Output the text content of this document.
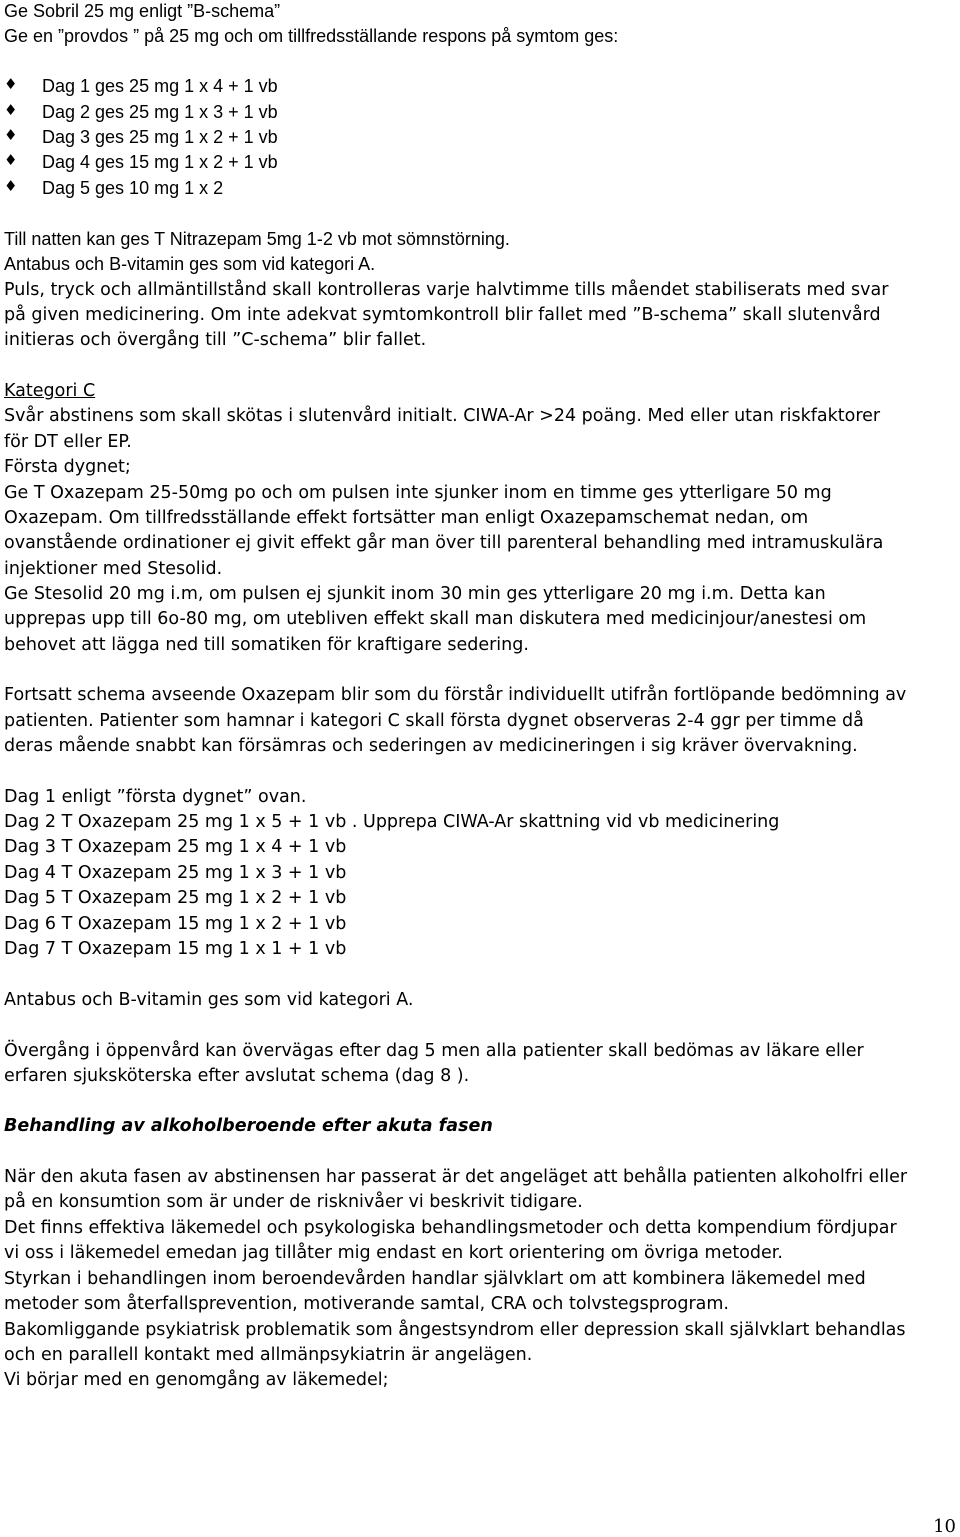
Ge Sobril 25 mg enligt ”B-schema”
Ge en ”provdos ” på 25 mg och om tillfredsställande respons på symtom ges:
♦	Dag 1 ges 25 mg 1 x 4 + 1 vb
♦	Dag 2 ges 25 mg 1 x 3 + 1 vb
♦	Dag 3 ges 25 mg 1 x 2 + 1 vb
♦	Dag 4 ges 15 mg 1 x 2 + 1 vb
♦	Dag 5 ges 10 mg 1 x 2
Till natten kan ges T Nitrazepam 5mg 1-2 vb mot sömnstörning.
Antabus och B-vitamin ges som vid kategori A.
Puls, tryck och allmäntillstånd skall kontrolleras varje halvtimme tills måendet stabiliserats med svar
på given medicinering. Om inte adekvat symtomkontroll blir fallet med ”B-schema” skall slutenvård
initieras och övergång till ”C-schema” blir fallet.
Kategori C
Svår abstinens som skall skötas i slutenvård initialt. CIWA-Ar >24 poäng. Med eller utan riskfaktorer
för DT eller EP.
Första dygnet;
Ge T Oxazepam 25-50mg po och om pulsen inte sjunker inom en timme ges ytterligare 50 mg
Oxazepam. Om tillfredsställande effekt fortsätter man enligt Oxazepamschemat nedan, om
ovanstående ordinationer ej givit effekt går man över till parenteral behandling med intramuskulära
injektioner med Stesolid.
Ge Stesolid 20 mg i.m, om pulsen ej sjunkit inom 30 min ges ytterligare 20 mg i.m. Detta kan
upprepas upp till 6o-80 mg, om utebliven effekt skall man diskutera med medicinjour/anestesi om
behovet att lägga ned till somatiken för kraftigare sedering.
Fortsatt schema avseende Oxazepam blir som du förstår individuellt utifrån fortlöpande bedömning av
patienten. Patienter som hamnar i kategori C skall första dygnet observeras 2-4 ggr per timme då
deras mående snabbt kan försämras och sederingen av medicineringen i sig kräver övervakning.
Dag 1 enligt ”första dygnet” ovan.
Dag 2 T Oxazepam 25 mg 1 x 5 + 1 vb . Upprepa CIWA-Ar skattning vid vb medicinering
Dag 3 T Oxazepam 25 mg 1 x 4 + 1 vb
Dag 4 T Oxazepam 25 mg 1 x 3 + 1 vb
Dag 5 T Oxazepam 25 mg 1 x 2 + 1 vb
Dag 6 T Oxazepam 15 mg 1 x 2 + 1 vb
Dag 7 T Oxazepam 15 mg 1 x 1 + 1 vb
Antabus och B-vitamin ges som vid kategori A.
Övergång i öppenvård kan övervägas efter dag 5 men alla patienter skall bedömas av läkare eller
erfaren sjuksköterska efter avslutat schema (dag 8 ).
Behandling av alkoholberoende efter akuta fasen
När den akuta fasen av abstinensen har passerat är det angeläget att behålla patienten alkoholfri eller
på en konsumtion som är under de risknivåer vi beskrivit tidigare.
Det finns effektiva läkemedel och psykologiska behandlingsmetoder och detta kompendium fördjupar
vi oss i läkemedel emedan jag tillåter mig endast en kort orientering om övriga metoder.
Styrkan i behandlingen inom beroendevården handlar självklart om att kombinera läkemedel med
metoder som återfallsprevention, motiverande samtal, CRA och tolvstegsprogram.
Bakomliggande psykiatrisk problematik som ångestsyndrom eller depression skall självklart behandlas
och en parallell kontakt med allmänpsykiatrin är angelägen.
Vi börjar med en genomgång av läkemedel;
10
